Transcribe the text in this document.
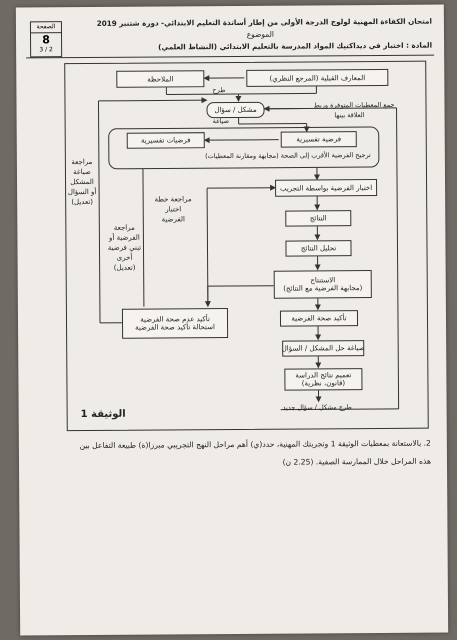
الصفحة
8
3 / 2
امتحان الكفاءة المهنية لولوج الدرجة الأولى من إطار أساتذة التعليم الابتدائي- دورة شتنبر 2019
الموضوع
المادة : اختبار في ديداكتيك المواد المدرسة بالتعليم الابتدائي (النشاط العلمي)
المعارف القبلية (المرجع النظري)
الملاحظة
طرح
مشكل / سؤال
صياغة
جمع المعطيات المتوفرة وربط
العلاقة بينها
فرضية تفسيرية
فرضيات تفسيرية
ترجيح الفرضية الأقرب إلى الصحة (مجابهة ومقارنة المعطيات)
اختبار الفرضية بواسطة التجريب
النتائج
تحليل النتائج
الاستنتاج
(مجابهة الفرضية مع النتائج)
تأكيد صحة الفرضية
تأكيد عدم صحة الفرضية
استحالة تأكيد صحة الفرضية
صياغة حل المشكل / السؤال
تعميم نتائج الدراسة
(قانون، نظرية)
طرح مشكل / سؤال جديد
مراجعة خطة اختبار الفرضية
مراجعة الفرضية أو تبني فرضية أخرى (تعديل)
مراجعة صياغة المشكل أو السؤال (تعديل)
الوثيقة 1
2. بالاستعانة بمعطيات الوثيقة 1 وتجربتك المهنية، حدد(ي) أهم مراحل النهج التجريبي مبرزا(ة) طبيعة التفاعل بين
هذه المراحل خلال الممارسة الصفية. (2.25 ن)
